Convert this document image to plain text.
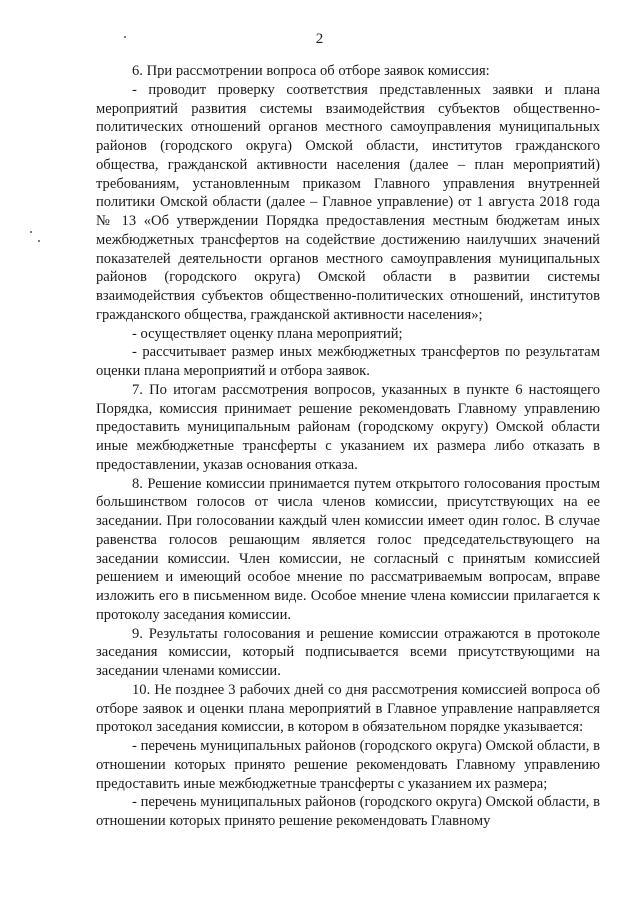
2

6. При рассмотрении вопроса об отборе заявок комиссия:

- проводит проверку соответствия представленных заявки и плана мероприятий развития системы взаимодействия субъектов общественно-политических отношений органов местного самоуправления муниципальных районов (городского округа) Омской области, институтов гражданского общества, гражданской активности населения (далее – план мероприятий) требованиям, установленным приказом Главного управления внутренней политики Омской области (далее – Главное управление) от 1 августа 2018 года № 13 «Об утверждении Порядка предоставления местным бюджетам иных межбюджетных трансфертов на содействие достижению наилучших значений показателей деятельности органов местного самоуправления муниципальных районов (городского округа) Омской области в развитии системы взаимодействия субъектов общественно-политических отношений, институтов гражданского общества, гражданской активности населения»;

- осуществляет оценку плана мероприятий;

- рассчитывает размер иных межбюджетных трансфертов по результатам оценки плана мероприятий и отбора заявок.

7. По итогам рассмотрения вопросов, указанных в пункте 6 настоящего Порядка, комиссия принимает решение рекомендовать Главному управлению предоставить муниципальным районам (городскому округу) Омской области иные межбюджетные трансферты с указанием их размера либо отказать в предоставлении, указав основания отказа.

8. Решение комиссии принимается путем открытого голосования простым большинством голосов от числа членов комиссии, присутствующих на ее заседании. При голосовании каждый член комиссии имеет один голос. В случае равенства голосов решающим является голос председательствующего на заседании комиссии. Член комиссии, не согласный с принятым комиссией решением и имеющий особое мнение по рассматриваемым вопросам, вправе изложить его в письменном виде. Особое мнение члена комиссии прилагается к протоколу заседания комиссии.

9. Результаты голосования и решение комиссии отражаются в протоколе заседания комиссии, который подписывается всеми присутствующими на заседании членами комиссии.

10. Не позднее 3 рабочих дней со дня рассмотрения комиссией вопроса об отборе заявок и оценки плана мероприятий в Главное управление направляется протокол заседания комиссии, в котором в обязательном порядке указывается:

- перечень муниципальных районов (городского округа) Омской области, в отношении которых принято решение рекомендовать Главному управлению предоставить иные межбюджетные трансферты с указанием их размера;

- перечень муниципальных районов (городского округа) Омской области, в отношении которых принято решение рекомендовать Главному
